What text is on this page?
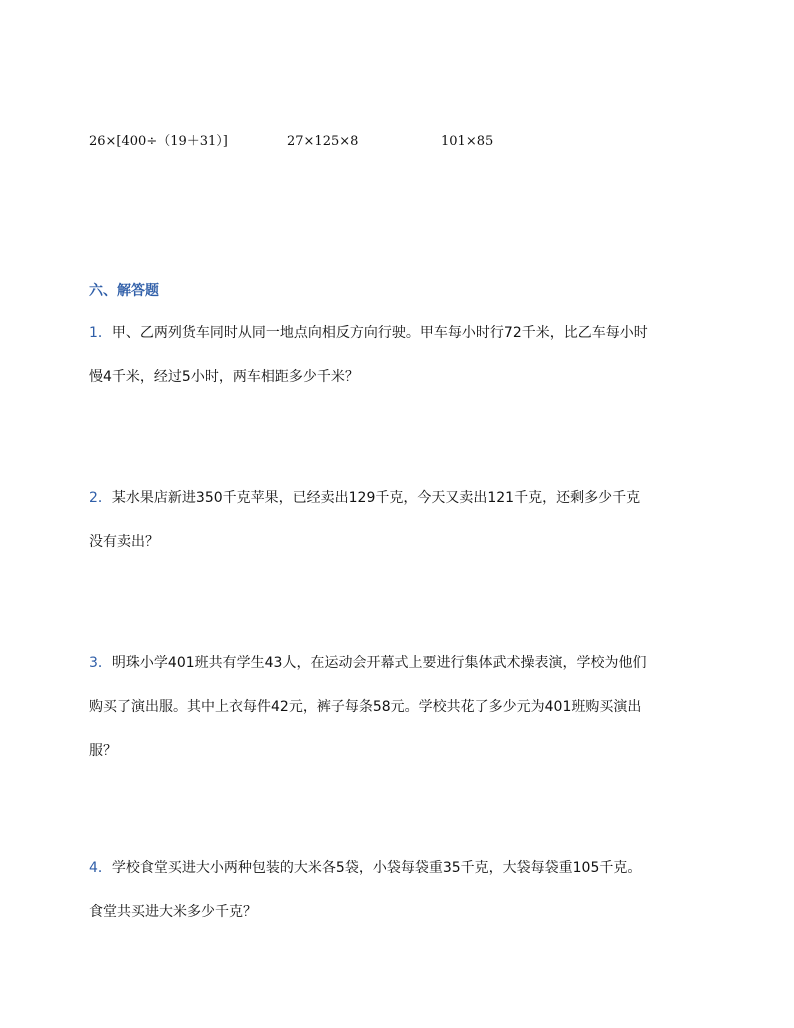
26×[400÷（19＋31）]	27×125×8	101×85
六、解答题
1．甲、乙两列货车同时从同一地点向相反方向行驶。甲车每小时行72千米，比乙车每小时
慢4千米，经过5小时，两车相距多少千米？
2．某水果店新进350千克苹果，已经卖出129千克，今天又卖出121千克，还剩多少千克
没有卖出？
3．明珠小学401班共有学生43人，在运动会开幕式上要进行集体武术操表演，学校为他们
购买了演出服。其中上衣每件42元，裤子每条58元。学校共花了多少元为401班购买演出
服？
4．学校食堂买进大小两种包装的大米各5袋，小袋每袋重35千克，大袋每袋重105千克。
食堂共买进大米多少千克？
